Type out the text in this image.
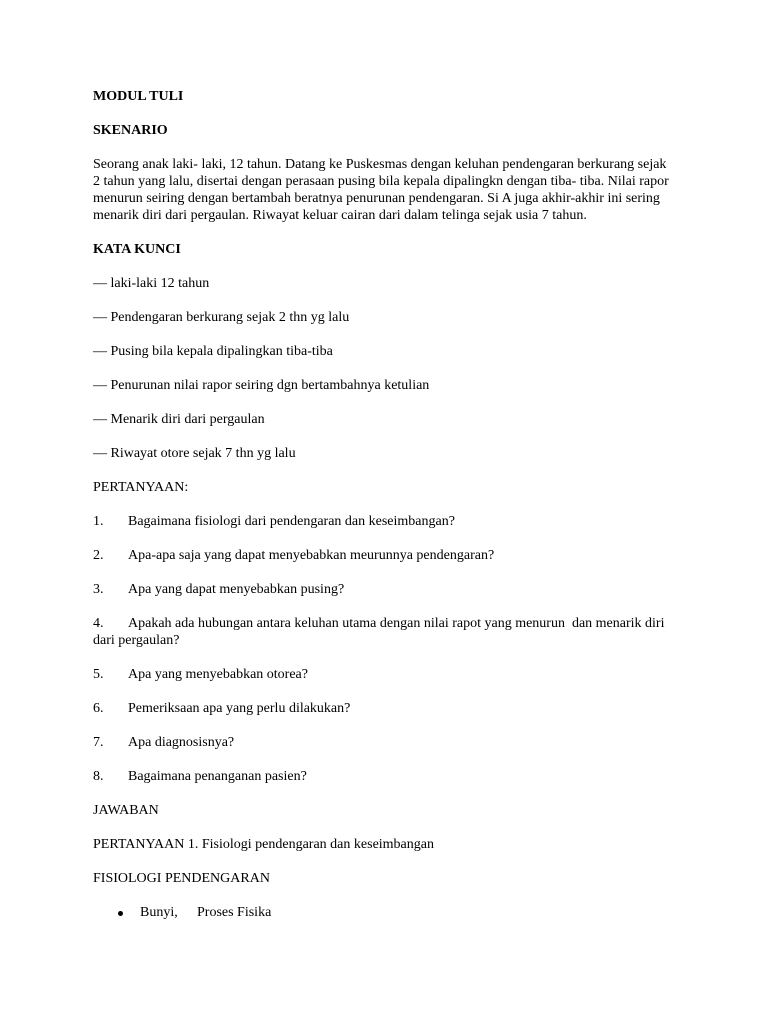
MODUL TULI

SKENARIO

Seorang anak laki- laki, 12 tahun. Datang ke Puskesmas dengan keluhan pendengaran berkurang sejak 2 tahun yang lalu, disertai dengan perasaan pusing bila kepala dipalingkn dengan tiba- tiba. Nilai rapor menurun seiring dengan bertambah beratnya penurunan pendengaran. Si A juga akhir-akhir ini sering menarik diri dari pergaulan. Riwayat keluar cairan dari dalam telinga sejak usia 7 tahun.

KATA KUNCI

— laki-laki 12 tahun

— Pendengaran berkurang sejak 2 thn yg lalu

— Pusing bila kepala dipalingkan tiba-tiba

— Penurunan nilai rapor seiring dgn bertambahnya ketulian

— Menarik diri dari pergaulan

— Riwayat otore sejak 7 thn yg lalu

PERTANYAAN:

1. Bagaimana fisiologi dari pendengaran dan keseimbangan?

2. Apa-apa saja yang dapat menyebabkan meurunnya pendengaran?

3. Apa yang dapat menyebabkan pusing?

4. Apakah ada hubungan antara keluhan utama dengan nilai rapot yang menurun  dan menarik diri dari pergaulan?

5. Apa yang menyebabkan otorea?

6. Pemeriksaan apa yang perlu dilakukan?

7. Apa diagnosisnya?

8. Bagaimana penanganan pasien?

JAWABAN

PERTANYAAN 1. Fisiologi pendengaran dan keseimbangan

FISIOLOGI PENDENGARAN

Bunyi, Proses Fisika
